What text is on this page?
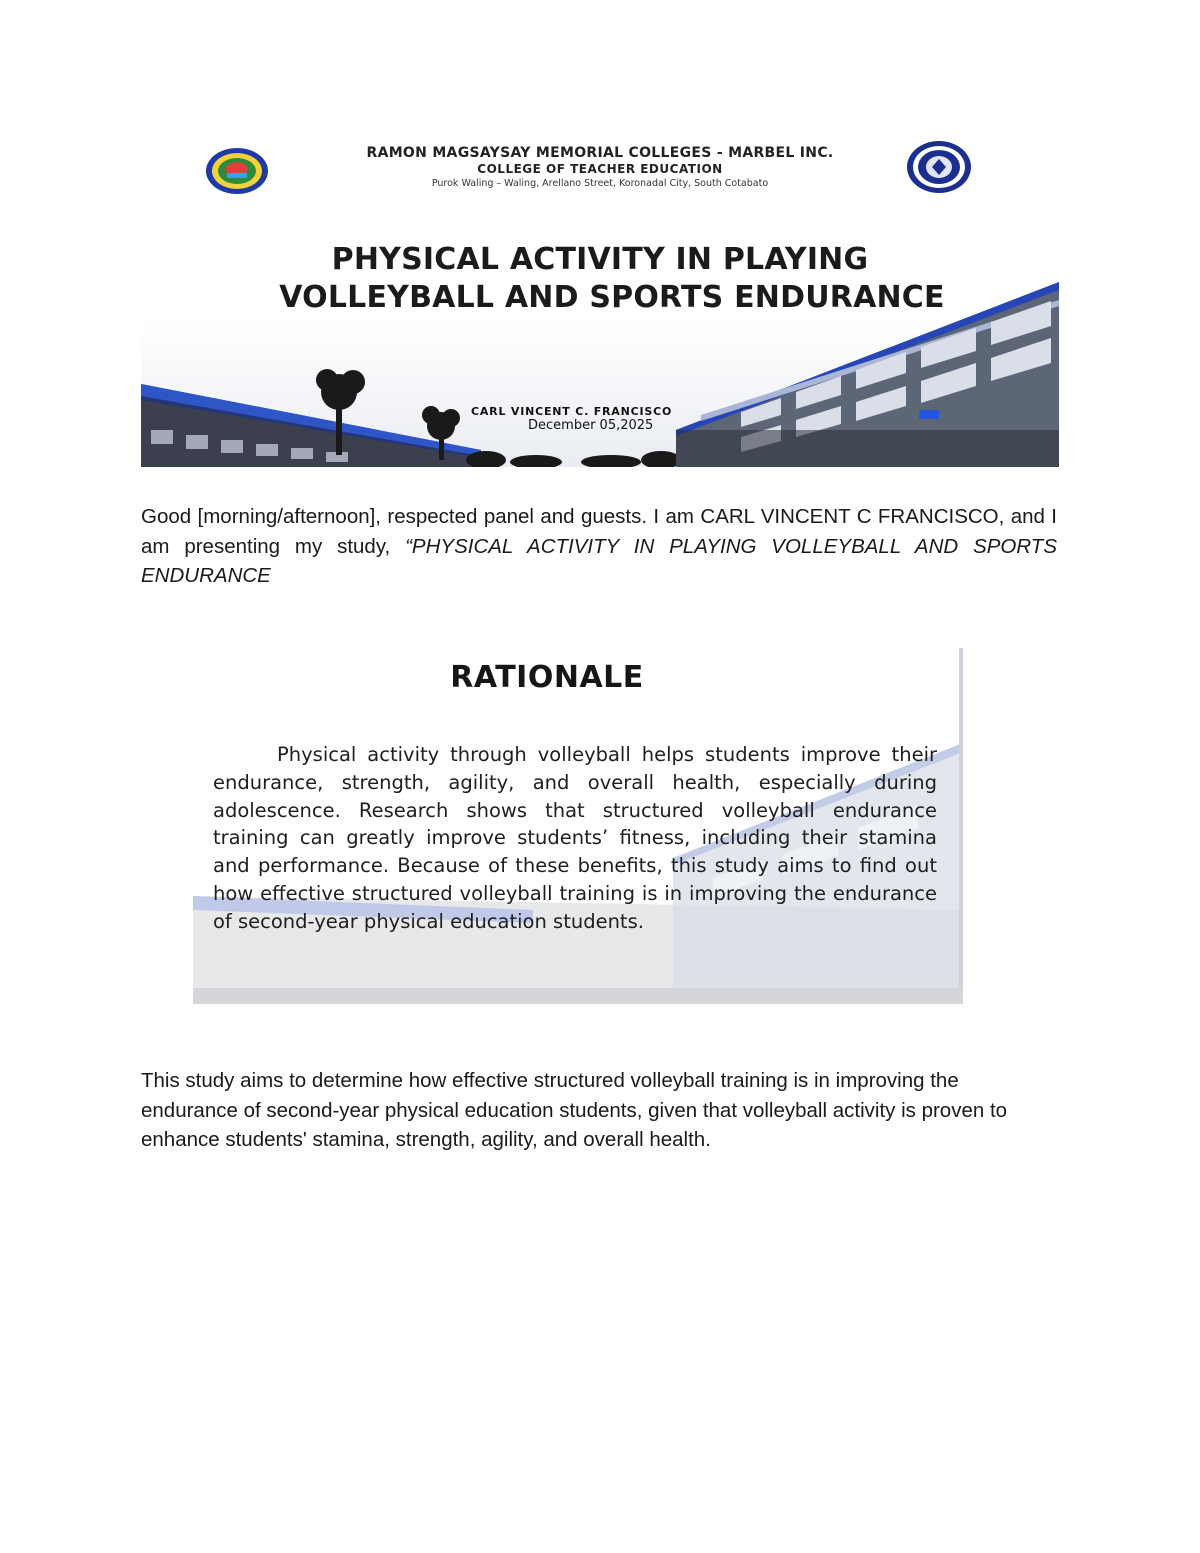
RAMON MAGSAYSAY MEMORIAL COLLEGES - MARBEL INC.
COLLEGE OF TEACHER EDUCATION
Purok Waling – Waling, Arellano Street, Koronadal City, South Cotabato
PHYSICAL ACTIVITY IN PLAYING
VOLLEYBALL AND SPORTS ENDURANCE
CARL VINCENT C. FRANCISCO
December 05,2025

Good [morning/afternoon], respected panel and guests. I am CARL VINCENT C FRANCISCO, and I am presenting my study, “PHYSICAL ACTIVITY IN PLAYING VOLLEYBALL AND SPORTS ENDURANCE

RATIONALE
Physical activity through volleyball helps students improve their endurance, strength, agility, and overall health, especially during adolescence. Research shows that structured volleyball endurance training can greatly improve students’ fitness, including their stamina and performance. Because of these benefits, this study aims to find out how effective structured volleyball training is in improving the endurance of second-year physical education students.

This study aims to determine how effective structured volleyball training is in improving the endurance of second-year physical education students, given that volleyball activity is proven to enhance students' stamina, strength, agility, and overall health.
